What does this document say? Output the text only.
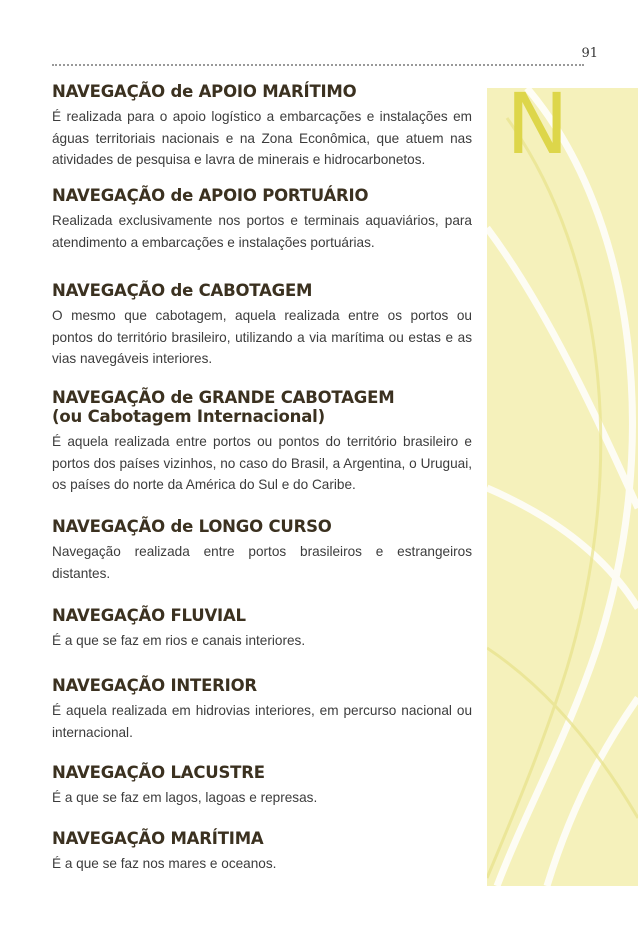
91
N
NAVEGAÇÃO de APOIO MARÍTIMO

É realizada para o apoio logístico a embarcações e instalações em águas territoriais nacionais e na Zona Econômica, que atuem nas atividades de pesquisa e lavra de minerais e hidrocarbonetos.

NAVEGAÇÃO de APOIO PORTUÁRIO

Realizada exclusivamente nos portos e terminais aquaviários, para atendimento a embarcações e instalações portuárias.

NAVEGAÇÃO de CABOTAGEM

O mesmo que cabotagem, aquela realizada entre os portos ou pontos do território brasileiro, utilizando a via marítima ou estas e as vias navegáveis interiores.

NAVEGAÇÃO de GRANDE CABOTAGEM
(ou Cabotagem Internacional)

É aquela realizada entre portos ou pontos do território brasileiro e portos dos países vizinhos, no caso do Brasil, a Argentina, o Uruguai, os países do norte da América do Sul e do Caribe.

NAVEGAÇÃO de LONGO CURSO

Navegação realizada entre portos brasileiros e estrangeiros distantes.

NAVEGAÇÃO FLUVIAL

É a que se faz em rios e canais interiores.

NAVEGAÇÃO INTERIOR

É aquela realizada em hidrovias interiores, em percurso nacional ou internacional.

NAVEGAÇÃO LACUSTRE

É a que se faz em lagos, lagoas e represas.

NAVEGAÇÃO MARÍTIMA

É a que se faz nos mares e oceanos.
